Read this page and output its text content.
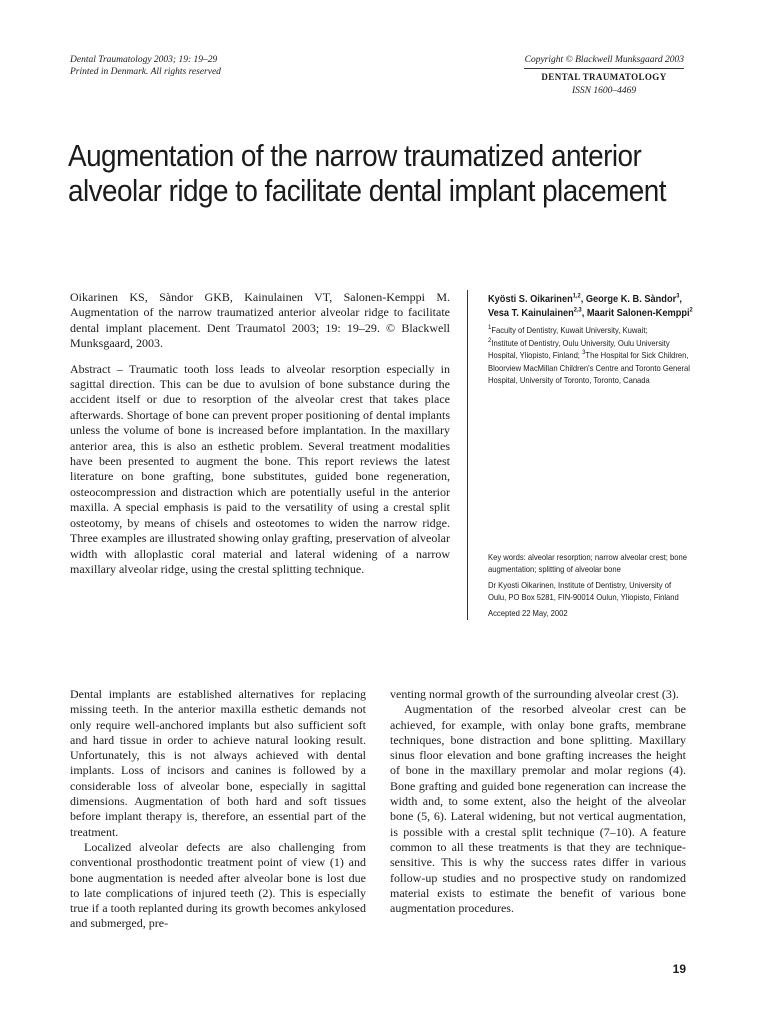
Dental Traumatology 2003; 19: 19–29
Printed in Denmark. All rights reserved
Copyright © Blackwell Munksgaard 2003
DENTAL TRAUMATOLOGY
ISSN 1600–4469
Augmentation of the narrow traumatized anterior alveolar ridge to facilitate dental implant placement

Oikarinen KS, Sàndor GKB, Kainulainen VT, Salonen-Kemppi M. Augmentation of the narrow traumatized anterior alveolar ridge to facilitate dental implant placement. Dent Traumatol 2003; 19: 19–29. © Blackwell Munksgaard, 2003.

Abstract – Traumatic tooth loss leads to alveolar resorption especially in sagittal direction. This can be due to avulsion of bone substance during the accident itself or due to resorption of the alveolar crest that takes place afterwards. Shortage of bone can prevent proper positioning of dental implants unless the volume of bone is increased before implantation. In the maxillary anterior area, this is also an esthetic problem. Several treatment modalities have been presented to augment the bone. This report reviews the latest literature on bone grafting, bone substitutes, guided bone regeneration, osteocompression and distraction which are potentially useful in the anterior maxilla. A special emphasis is paid to the versatility of using a crestal split osteotomy, by means of chisels and osteotomes to widen the narrow ridge. Three examples are illustrated showing onlay grafting, preservation of alveolar width with alloplastic coral material and lateral widening of a narrow maxillary alveolar ridge, using the crestal splitting technique.

Kyösti S. Oikarinen$^{1,2}$, George K. B. Sàndor$^3$, Vesa T. Kainulainen$^{2,3}$, Maarit Salonen-Kemppi$^2$

$^1$Faculty of Dentistry, Kuwait University, Kuwait;
$^2$Institute of Dentistry, Oulu University, Oulu University Hospital, Yliopisto, Finland; $^3$The Hospital for Sick Children, Bloorview MacMillan Children's Centre and Toronto General Hospital, University of Toronto, Toronto, Canada

Key words: alveolar resorption; narrow alveolar crest; bone augmentation; splitting of alveolar bone

Dr Kyosti Oikarinen, Institute of Dentistry, University of Oulu, PO Box 5281, FIN-90014 Oulun, Yliopisto, Finland

Accepted 22 May, 2002

Dental implants are established alternatives for replacing missing teeth. In the anterior maxilla esthetic demands not only require well-anchored implants but also sufficient soft and hard tissue in order to achieve natural looking result. Unfortunately, this is not always achieved with dental implants. Loss of incisors and canines is followed by a considerable loss of alveolar bone, especially in sagittal dimensions. Augmentation of both hard and soft tissues before implant therapy is, therefore, an essential part of the treatment.

Localized alveolar defects are also challenging from conventional prosthodontic treatment point of view (1) and bone augmentation is needed after alveolar bone is lost due to late complications of injured teeth (2). This is especially true if a tooth replanted during its growth becomes ankylosed and submerged, pre-

venting normal growth of the surrounding alveolar crest (3).

Augmentation of the resorbed alveolar crest can be achieved, for example, with onlay bone grafts, membrane techniques, bone distraction and bone splitting. Maxillary sinus floor elevation and bone grafting increases the height of bone in the maxillary premolar and molar regions (4). Bone grafting and guided bone regeneration can increase the width and, to some extent, also the height of the alveolar bone (5, 6). Lateral widening, but not vertical augmentation, is possible with a crestal split technique (7–10). A feature common to all these treatments is that they are technique-sensitive. This is why the success rates differ in various follow-up studies and no prospective study on randomized material exists to estimate the benefit of various bone augmentation procedures.

19
